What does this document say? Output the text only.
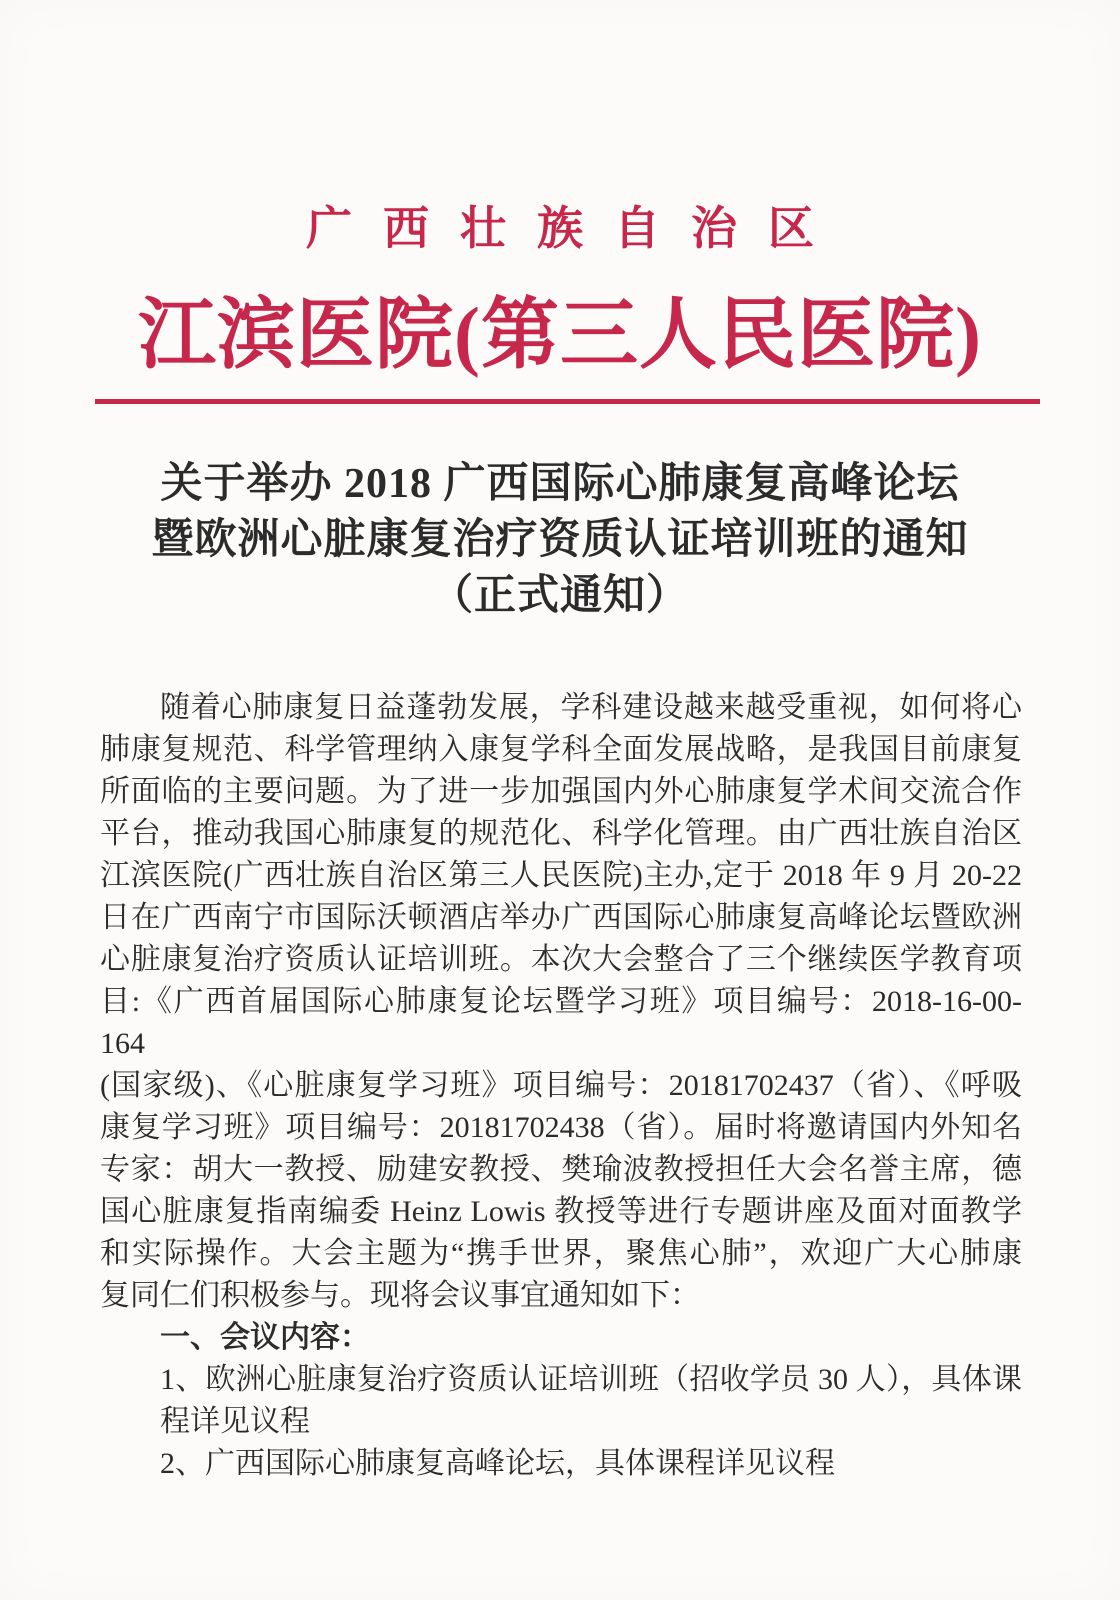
广西壮族自治区
江滨医院(第三人民医院)
关于举办 2018 广西国际心肺康复高峰论坛
暨欧洲心脏康复治疗资质认证培训班的通知
（正式通知）
随着心肺康复日益蓬勃发展，学科建设越来越受重视，如何将心
肺康复规范、科学管理纳入康复学科全面发展战略，是我国目前康复
所面临的主要问题。为了进一步加强国内外心肺康复学术间交流合作
平台，推动我国心肺康复的规范化、科学化管理。由广西壮族自治区
江滨医院(广西壮族自治区第三人民医院)主办,定于 2018 年 9 月 20-22
日在广西南宁市国际沃顿酒店举办广西国际心肺康复高峰论坛暨欧洲
心脏康复治疗资质认证培训班。本次大会整合了三个继续医学教育项
目:《广西首届国际心肺康复论坛暨学习班》项目编号：2018-16-00-164
(国家级)、《心脏康复学习班》项目编号：20181702437（省）、《呼吸
康复学习班》项目编号：20181702438（省）。届时将邀请国内外知名
专家：胡大一教授、励建安教授、樊瑜波教授担任大会名誉主席，德
国心脏康复指南编委 Heinz Lowis 教授等进行专题讲座及面对面教学
和实际操作。大会主题为“携手世界，聚焦心肺”，欢迎广大心肺康
复同仁们积极参与。现将会议事宜通知如下：
一、会议内容：
1、欧洲心脏康复治疗资质认证培训班（招收学员 30 人），具体课
程详见议程
2、广西国际心肺康复高峰论坛，具体课程详见议程
